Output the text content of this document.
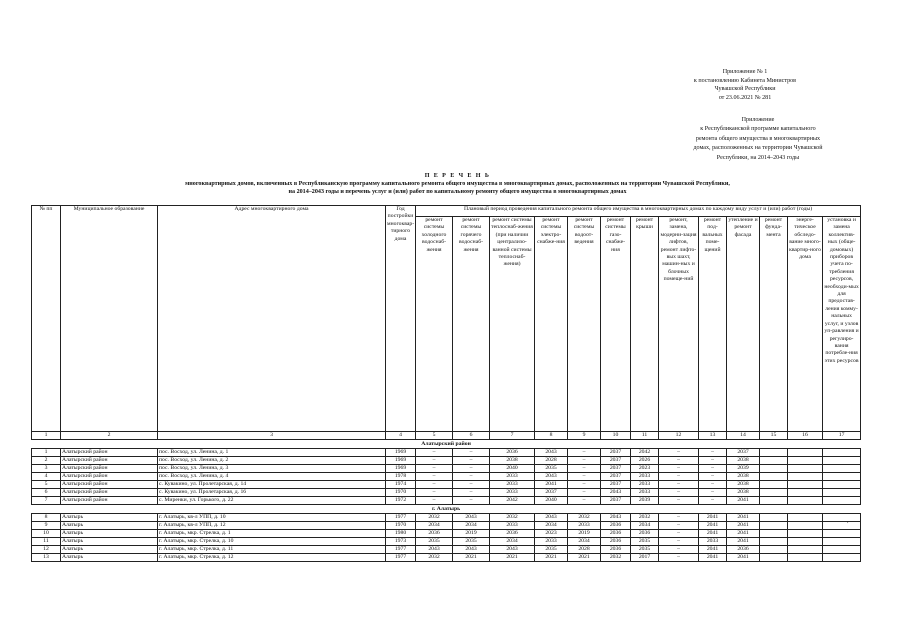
Приложение № 1
к постановлению Кабинета Министров
Чувашской Республики
от 23.06.2021 № 281
Приложение
к Республиканской программе капитального
ремонта общего имущества в многоквартирных
домах, расположенных на территории Чувашской
Республики, на 2014–2043 годы
П Е Р Е Ч Е Н Ь
многоквартирных домов, включенных в Республиканскую программу капитального ремонта общего имущества в многоквартирных домах, расположенных на территории Чувашской Республики,
на 2014–2043 годы и перечень услуг и (или) работ по капитальному ремонту общего имущества в многоквартирных домах
№ пп	Муниципальное образование	Адрес многоквартирного дома	Год постройки многоквар-тирного дома	Плановый период проведения капитального ремонта общего имущества в многоквартирных домах по каждому виду услуг и (или) работ (годы)												
				ремонт системы холодного водоснаб-жения	ремонт системы горячего водоснаб-жения	ремонт системы теплоснаб-жения (при наличии централизо-ванной системы теплоснаб-жения)	ремонт системы электро-снабже-ния	ремонт системы водоот-ведения	ремонт системы газо-снабже-ния	ремонт крыши	ремонт, замена, модерни-зация лифтов, ремонт лифто-вых шахт, машин-ных и блочных помеще-ний	ремонт под-вальных поме-щений	утепление и ремонт фасада	ремонт фунда-мента	энерге-тическое обследо-вание много-квартир-ного дома	установка и замена коллектив-ных (обще-домовых) приборов учета по-требления ресурсов, необходи-мых для предостав-ления комму-нальных услуг, и узлов уп-равления и регулиро-вания потребле-ния этих ресурсов
1	2	3	4	5	6	7	8	9	10	11	12	13	14	15	16	17
Алатырский район																
1	Алатырский район	пос. Восход, ул. Ленина, д. 1	1969	–	–	2036	2043	–	2037	2042	–	–	2037			
2	Алатырский район	пос. Восход, ул. Ленина, д. 2	1969	–	–	2038	2028	–	2037	2026	–	–	2038			
3	Алатырский район	пос. Восход, ул. Ленина, д. 3	1969	–	–	2040	2035	–	2037	2023	–	–	2039			
4	Алатырский район	пос. Восход, ул. Ленина, д. 4	1978	–	–	2033	2043	–	2037	2033	–	–	2038			
5	Алатырский район	с. Кувакино, ул. Пролетарская, д. 14	1974	–	–	2033	2041	–	2037	2033	–	–	2038			
6	Алатырский район	с. Кувакино, ул. Пролетарская, д. 16	1970	–	–	2033	2037	–	2043	2033	–	–	2038			
7	Алатырский район	с. Миренки, ул. Горького, д. 22	1972	–	–	2042	2040	–	2037	2039	–	–	2041			
г. Алатырь																
8	Алатырь	г. Алатырь, кв-л УПП, д. 10	1977	2032	2043	2032	2043	2032	2043	2032	–	2041	2041			
9	Алатырь	г. Алатырь, кв-л УПП, д. 12	1970	2034	2034	2033	2034	2033	2036	2034	–	2041	2041			
10	Алатырь	г. Алатырь, мкр. Стрелка, д. 1	1980	2036	2019	2036	2023	2019	2036	2036	–	2041	2041			
11	Алатырь	г. Алатырь, мкр. Стрелка, д. 10	1973	2035	2035	2034	2033	2034	2036	2035	–	2033	2041			
12	Алатырь	г. Алатырь, мкр. Стрелка, д. 11	1977	2043	2043	2043	2035	2028	2036	2035	–	2041	2036			
13	Алатырь	г. Алатырь, мкр. Стрелка, д. 12	1977	2032	2021	2021	2021	2021	2032	2017	–	2041	2041			
,
